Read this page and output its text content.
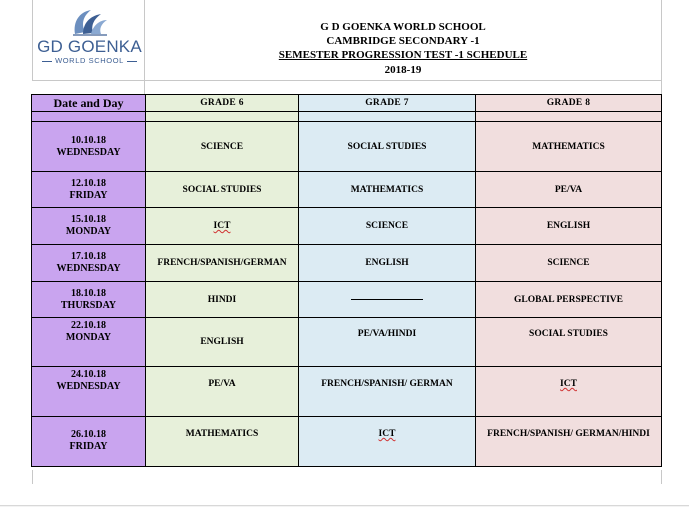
GD GOENKA
WORLD SCHOOL
G D GOENKA WORLD SCHOOL
CAMBRIDGE SECONDARY -1
SEMESTER PROGRESSION TEST -1 SCHEDULE
2018-19
Date and Day	GRADE 6	GRADE 7	GRADE 8

10.10.18
WEDNESDAY	SCIENCE	SOCIAL STUDIES	MATHEMATICS

12.10.18
FRIDAY	SOCIAL STUDIES	MATHEMATICS	PE/VA

15.10.18
MONDAY	ICT	SCIENCE	ENGLISH

17.10.18
WEDNESDAY	FRENCH/SPANISH/GERMAN	ENGLISH	SCIENCE

18.10.18
THURSDAY	HINDI		GLOBAL PERSPECTIVE

22.10.18
MONDAY	ENGLISH	PE/VA/HINDI	SOCIAL STUDIES

24.10.18
WEDNESDAY	PE/VA	FRENCH/SPANISH/ GERMAN	ICT

26.10.18
FRIDAY	MATHEMATICS	ICT	FRENCH/SPANISH/ GERMAN/HINDI
